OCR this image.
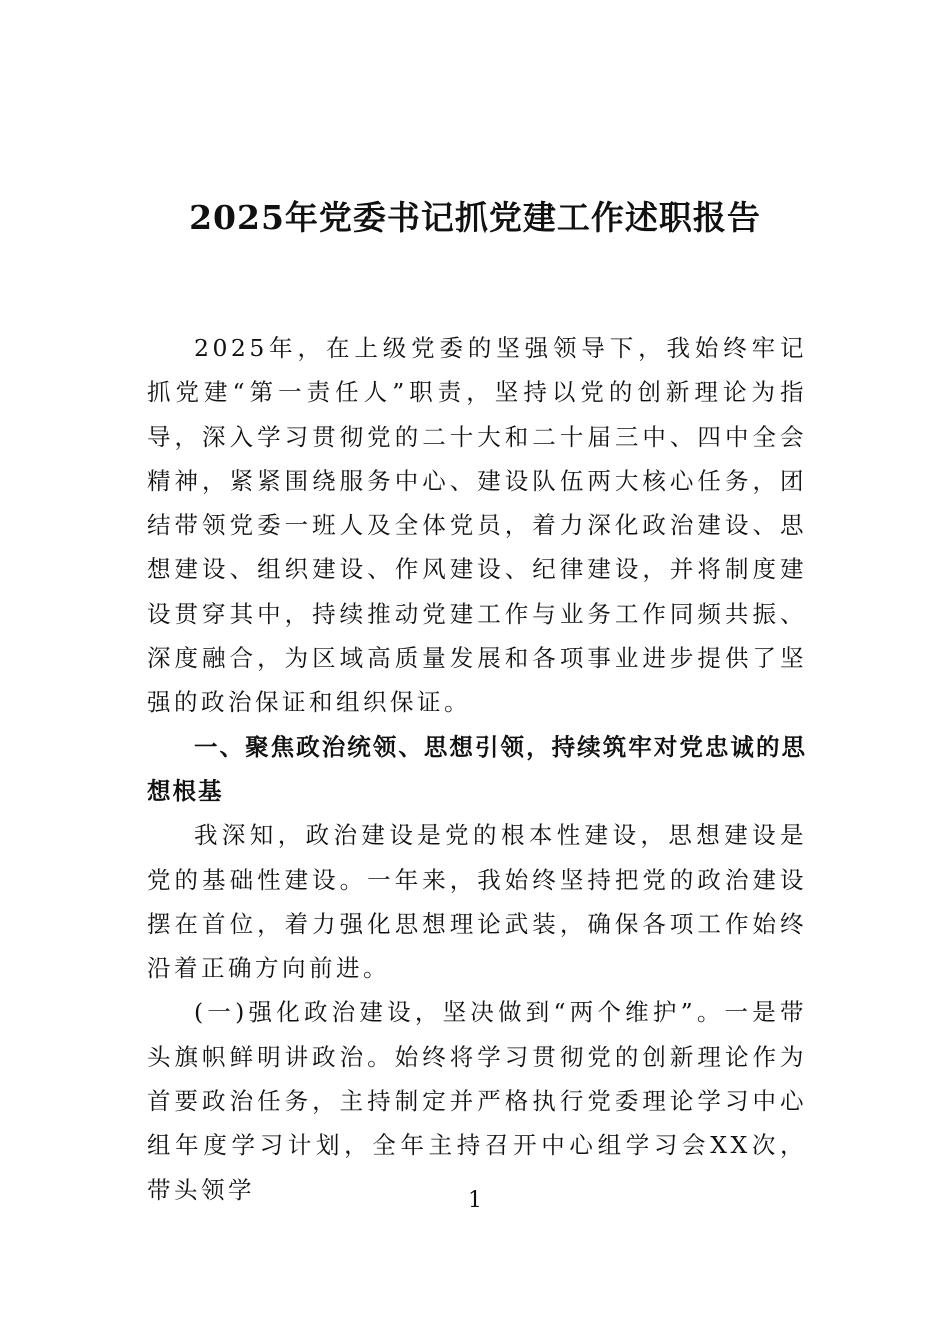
2025年党委书记抓党建工作述职报告

2025年，在上级党委的坚强领导下，我始终牢记抓党建“第一责任人”职责，坚持以党的创新理论为指导，深入学习贯彻党的二十大和二十届三中、四中全会精神，紧紧围绕服务中心、建设队伍两大核心任务，团结带领党委一班人及全体党员，着力深化政治建设、思想建设、组织建设、作风建设、纪律建设，并将制度建设贯穿其中，持续推动党建工作与业务工作同频共振、深度融合，为区域高质量发展和各项事业进步提供了坚强的政治保证和组织保证。

一、聚焦政治统领、思想引领，持续筑牢对党忠诚的思想根基

我深知，政治建设是党的根本性建设，思想建设是党的基础性建设。一年来，我始终坚持把党的政治建设摆在首位，着力强化思想理论武装，确保各项工作始终沿着正确方向前进。

(一)强化政治建设，坚决做到“两个维护”。一是带头旗帜鲜明讲政治。始终将学习贯彻党的创新理论作为首要政治任务，主持制定并严格执行党委理论学习中心组年度学习计划，全年主持召开中心组学习会XX次，带头领学	1
